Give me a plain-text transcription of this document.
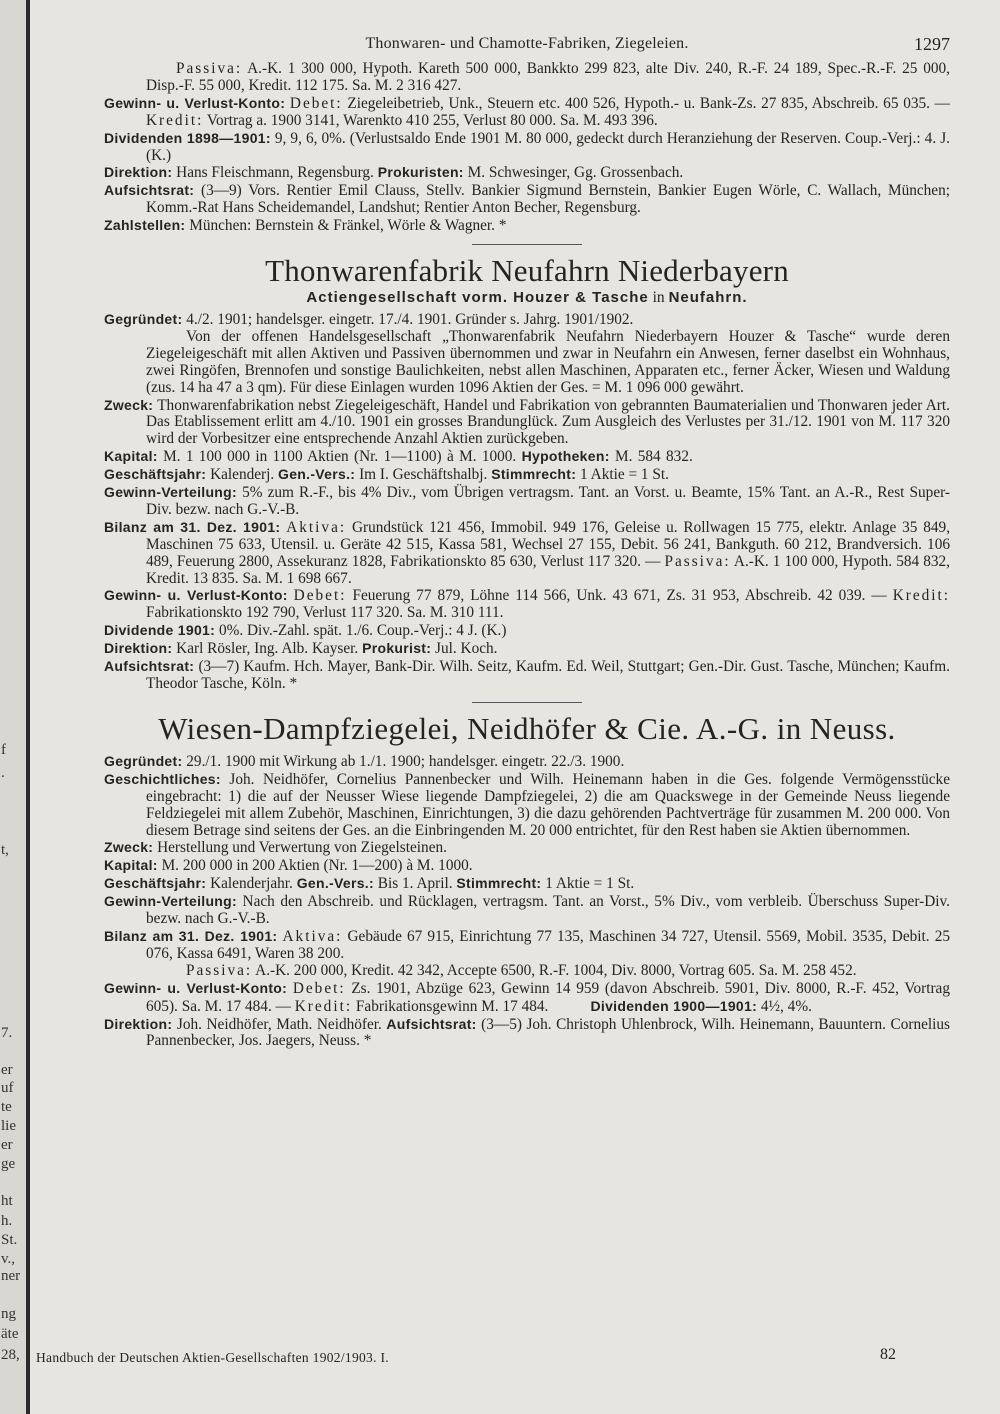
f
.
t,
7.
er
uf
te
lie
er
ge
ht
h.
St.
v.,
ner
ng
äte
28,
Thonwaren- und Chamotte-Fabriken, Ziegeleien.	1297

Passiva: A.-K. 1 300 000, Hypoth. Kareth 500 000, Bankkto 299 823, alte Div. 240, R.-F. 24 189, Spec.-R.-F. 25 000, Disp.-F. 55 000, Kredit. 112 175. Sa. M. 2 316 427.

Gewinn- u. Verlust-Konto: Debet: Ziegeleibetrieb, Unk., Steuern etc. 400 526, Hypoth.- u. Bank-Zs. 27 835, Abschreib. 65 035. — Kredit: Vortrag a. 1900 3141, Warenkto 410 255, Verlust 80 000. Sa. M. 493 396.

Dividenden 1898—1901: 9, 9, 6, 0%. (Verlustsaldo Ende 1901 M. 80 000, gedeckt durch Heranziehung der Reserven. Coup.-Verj.: 4. J. (K.)

Direktion: Hans Fleischmann, Regensburg. Prokuristen: M. Schwesinger, Gg. Grossenbach.

Aufsichtsrat: (3—9) Vors. Rentier Emil Clauss, Stellv. Bankier Sigmund Bernstein, Bankier Eugen Wörle, C. Wallach, München; Komm.-Rat Hans Scheidemandel, Landshut; Rentier Anton Becher, Regensburg.

Zahlstellen: München: Bernstein & Fränkel, Wörle & Wagner. *

Thonwarenfabrik Neufahrn Niederbayern
Actiengesellschaft vorm. Houzer & Tasche in Neufahrn.

Gegründet: 4./2. 1901; handelsger. eingetr. 17./4. 1901. Gründer s. Jahrg. 1901/1902.

Von der offenen Handelsgesellschaft „Thonwarenfabrik Neufahrn Niederbayern Houzer & Tasche“ wurde deren Ziegeleigeschäft mit allen Aktiven und Passiven übernommen und zwar in Neufahrn ein Anwesen, ferner daselbst ein Wohnhaus, zwei Ringöfen, Brennofen und sonstige Baulichkeiten, nebst allen Maschinen, Apparaten etc., ferner Äcker, Wiesen und Waldung (zus. 14 ha 47 a 3 qm). Für diese Einlagen wurden 1096 Aktien der Ges. = M. 1 096 000 gewährt.

Zweck: Thonwarenfabrikation nebst Ziegeleigeschäft, Handel und Fabrikation von gebrannten Baumaterialien und Thonwaren jeder Art. Das Etablissement erlitt am 4./10. 1901 ein grosses Brandunglück. Zum Ausgleich des Verlustes per 31./12. 1901 von M. 117 320 wird der Vorbesitzer eine entsprechende Anzahl Aktien zurückgeben.

Kapital: M. 1 100 000 in 1100 Aktien (Nr. 1—1100) à M. 1000. Hypotheken: M. 584 832.

Geschäftsjahr: Kalenderj. Gen.-Vers.: Im I. Geschäftshalbj. Stimmrecht: 1 Aktie = 1 St.

Gewinn-Verteilung: 5% zum R.-F., bis 4% Div., vom Übrigen vertragsm. Tant. an Vorst. u. Beamte, 15% Tant. an A.-R., Rest Super-Div. bezw. nach G.-V.-B.

Bilanz am 31. Dez. 1901: Aktiva: Grundstück 121 456, Immobil. 949 176, Geleise u. Rollwagen 15 775, elektr. Anlage 35 849, Maschinen 75 633, Utensil. u. Geräte 42 515, Kassa 581, Wechsel 27 155, Debit. 56 241, Bankguth. 60 212, Brandversich. 106 489, Feuerung 2800, Assekuranz 1828, Fabrikationskto 85 630, Verlust 117 320. — Passiva: A.-K. 1 100 000, Hypoth. 584 832, Kredit. 13 835. Sa. M. 1 698 667.

Gewinn- u. Verlust-Konto: Debet: Feuerung 77 879, Löhne 114 566, Unk. 43 671, Zs. 31 953, Abschreib. 42 039. — Kredit: Fabrikationskto 192 790, Verlust 117 320. Sa. M. 310 111.

Dividende 1901: 0%. Div.-Zahl. spät. 1./6. Coup.-Verj.: 4 J. (K.)

Direktion: Karl Rösler, Ing. Alb. Kayser. Prokurist: Jul. Koch.

Aufsichtsrat: (3—7) Kaufm. Hch. Mayer, Bank-Dir. Wilh. Seitz, Kaufm. Ed. Weil, Stuttgart; Gen.-Dir. Gust. Tasche, München; Kaufm. Theodor Tasche, Köln. *

Wiesen-Dampfziegelei, Neidhöfer & Cie. A.-G. in Neuss.

Gegründet: 29./1. 1900 mit Wirkung ab 1./1. 1900; handelsger. eingetr. 22./3. 1900.

Geschichtliches: Joh. Neidhöfer, Cornelius Pannenbecker und Wilh. Heinemann haben in die Ges. folgende Vermögensstücke eingebracht: 1) die auf der Neusser Wiese liegende Dampfziegelei, 2) die am Quackswege in der Gemeinde Neuss liegende Feldziegelei mit allem Zubehör, Maschinen, Einrichtungen, 3) die dazu gehörenden Pachtverträge für zusammen M. 200 000. Von diesem Betrage sind seitens der Ges. an die Einbringenden M. 20 000 entrichtet, für den Rest haben sie Aktien übernommen.

Zweck: Herstellung und Verwertung von Ziegelsteinen.

Kapital: M. 200 000 in 200 Aktien (Nr. 1—200) à M. 1000.

Geschäftsjahr: Kalenderjahr. Gen.-Vers.: Bis 1. April. Stimmrecht: 1 Aktie = 1 St.

Gewinn-Verteilung: Nach den Abschreib. und Rücklagen, vertragsm. Tant. an Vorst., 5% Div., vom verbleib. Überschuss Super-Div. bezw. nach G.-V.-B.

Bilanz am 31. Dez. 1901: Aktiva: Gebäude 67 915, Einrichtung 77 135, Maschinen 34 727, Utensil. 5569, Mobil. 3535, Debit. 25 076, Kassa 6491, Waren 38 200.

Passiva: A.-K. 200 000, Kredit. 42 342, Accepte 6500, R.-F. 1004, Div. 8000, Vortrag 605. Sa. M. 258 452.

Gewinn- u. Verlust-Konto: Debet: Zs. 1901, Abzüge 623, Gewinn 14 959 (davon Abschreib. 5901, Div. 8000, R.-F. 452, Vortrag 605). Sa. M. 17 484. — Kredit: Fabrikationsgewinn M. 17 484.	Dividenden 1900—1901: 4½, 4%.

Direktion: Joh. Neidhöfer, Math. Neidhöfer. Aufsichtsrat: (3—5) Joh. Christoph Uhlenbrock, Wilh. Heinemann, Bauuntern. Cornelius Pannenbecker, Jos. Jaegers, Neuss. *

Handbuch der Deutschen Aktien-Gesellschaften 1902/1903. I.	82
